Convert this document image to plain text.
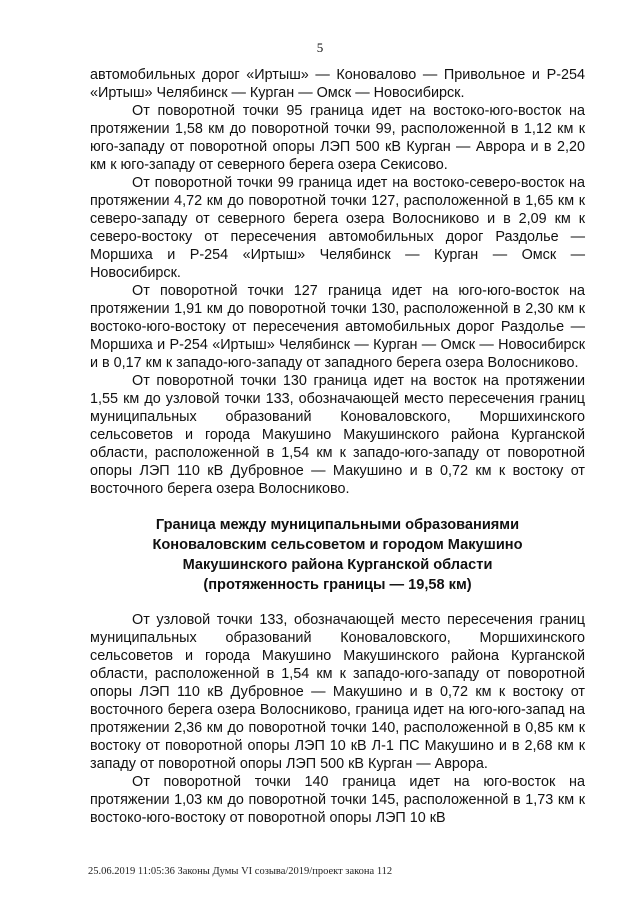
5

автомобильных дорог «Иртыш» — Коновалово — Привольное и Р-254 «Иртыш» Челябинск — Курган — Омск — Новосибирск.

От поворотной точки 95 граница идет на востоко-юго-восток на протяжении 1,58 км до поворотной точки 99, расположенной в 1,12 км к юго-западу от поворотной опоры ЛЭП 500 кВ Курган — Аврора и в 2,20 км к юго-западу от северного берега озера Секисово.

От поворотной точки 99 граница идет на востоко-северо-восток на протяжении 4,72 км до поворотной точки 127, расположенной в 1,65 км к северо-западу от северного берега озера Волосниково и в 2,09 км к северо-востоку от пересечения автомобильных дорог Раздолье — Моршиха и Р-254 «Иртыш» Челябинск — Курган — Омск — Новосибирск.

От поворотной точки 127 граница идет на юго-юго-восток на протяжении 1,91 км до поворотной точки 130, расположенной в 2,30 км к востоко-юго-востоку от пересечения автомобильных дорог Раздолье — Моршиха и Р-254 «Иртыш» Челябинск — Курган — Омск — Новосибирск и в 0,17 км к западо-юго-западу от западного берега озера Волосниково.

От поворотной точки 130 граница идет на восток на протяжении 1,55 км до узловой точки 133, обозначающей место пересечения границ муниципальных образований Коноваловского, Моршихинского сельсоветов и города Макушино Макушинского района Курганской области, расположенной в 1,54 км к западо-юго-западу от поворотной опоры ЛЭП 110 кВ Дубровное — Макушино и в 0,72 км к востоку от восточного берега озера Волосниково.

Граница между муниципальными образованиями
Коноваловским сельсоветом и городом Макушино
Макушинского района Курганской области
(протяженность границы — 19,58 км)

От узловой точки 133, обозначающей место пересечения границ муниципальных образований Коноваловского, Моршихинского сельсоветов и города Макушино Макушинского района Курганской области, расположенной в 1,54 км к западо-юго-западу от поворотной опоры ЛЭП 110 кВ Дубровное — Макушино и в 0,72 км к востоку от восточного берега озера Волосниково, граница идет на юго-юго-запад на протяжении 2,36 км до поворотной точки 140, расположенной в 0,85 км к востоку от поворотной опоры ЛЭП 10 кВ Л-1 ПС Макушино и в 2,68 км к западу от поворотной опоры ЛЭП 500 кВ Курган — Аврора.

От поворотной точки 140 граница идет на юго-восток на протяжении 1,03 км до поворотной точки 145, расположенной в 1,73 км к востоко-юго-востоку от поворотной опоры ЛЭП 10 кВ

25.06.2019 11:05:36 Законы Думы VI созыва/2019/проект закона 112
